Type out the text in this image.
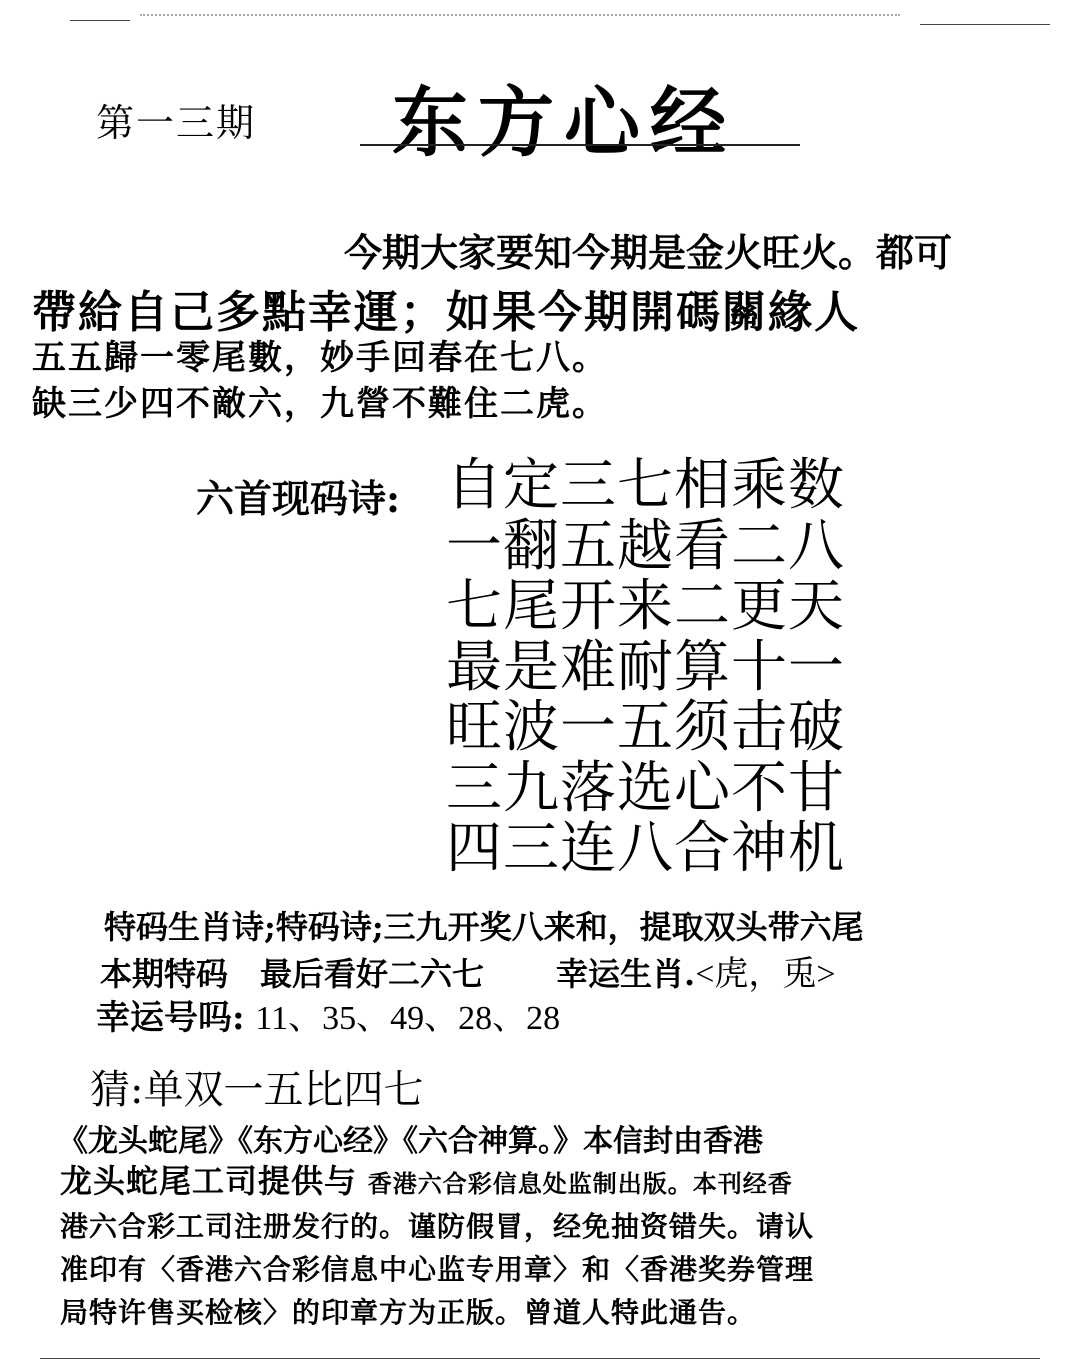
第一三期 东方心经
今期大家要知今期是金火旺火。都可
帶給自己多點幸運；如果今期開碼關緣人
五五歸一零尾數，妙手回春在七八。
缺三少四不敵六，九營不難住二虎。
六首现码诗: 自定三七相乘数
一翻五越看二八
七尾开来二更天
最是难耐算十一
旺波一五须击破
三九落选心不甘
四三连八合神机
特码生肖诗;特码诗;三九开奖八来和，提取双头带六尾
本期特码 最后看好二六七 幸运生肖.<虎，兎>
幸运号吗: 11、35、49、28、28
猜:单双一五比四七
《龙头蛇尾》《东方心经》《六合神算。》本信封由香港
龙头蛇尾工司提供与 香港六合彩信息处监制出版。本刊经香
港六合彩工司注册发行的。谨防假冒，经免抽资错失。请认
准印有〈香港六合彩信息中心监专用章〉和〈香港奖券管理
局特许售买检核〉的印章方为正版。曾道人特此通告。
